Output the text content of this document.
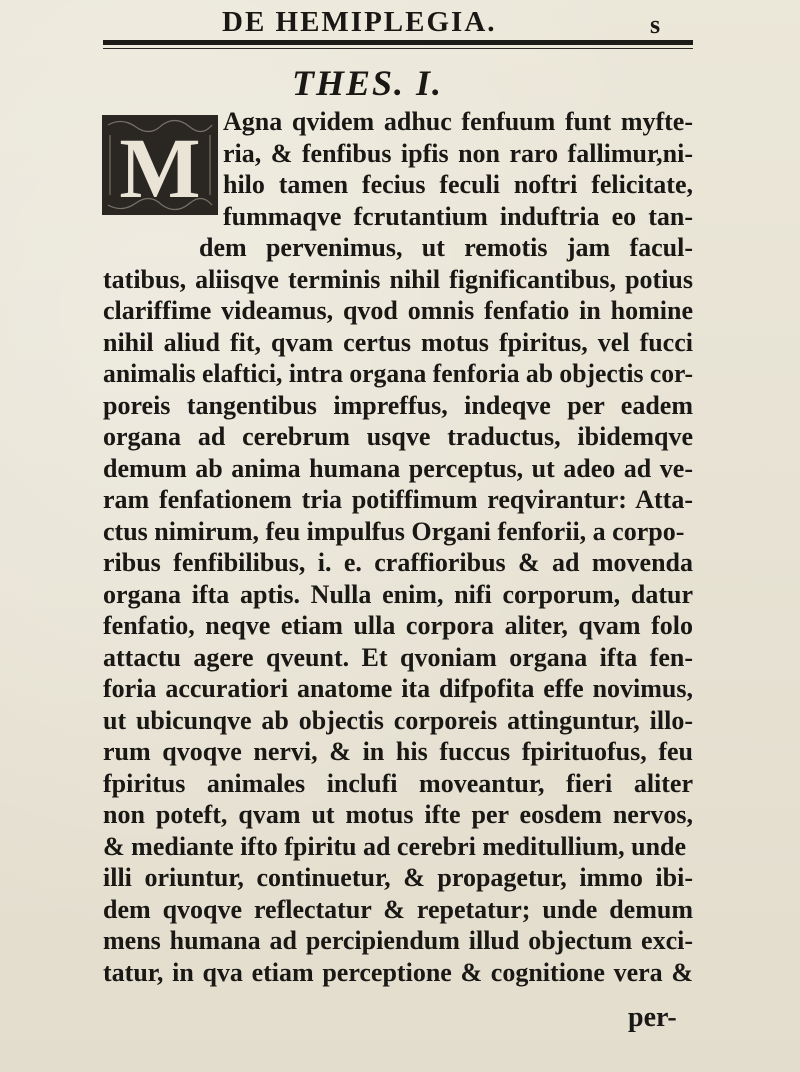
DE HEMIPLEGIA.	s
THES. I.
M Agna qvidem adhuc fenfuum funt myfte-
ria, & fenfibus ipfis non raro fallimur,ni-
hilo tamen fecius feculi noftri felicitate,
fummaqve fcrutantium induftria eo tan-
dem pervenimus, ut remotis jam facul-
tatibus, aliisqve terminis nihil fignificantibus, potius
clariffime videamus, qvod omnis fenfatio in homine
nihil aliud fit, qvam certus motus fpiritus, vel fucci
animalis elaftici, intra organa fenforia ab objectis cor-
poreis tangentibus impreffus, indeqve per eadem
organa ad cerebrum usqve traductus, ibidemqve
demum ab anima humana perceptus, ut adeo ad ve-
ram fenfationem tria potiffimum reqvirantur: Atta-
ctus nimirum, feu impulfus Organi fenforii, a corpo-
ribus fenfibilibus, i. e. craffioribus & ad movenda
organa ifta aptis. Nulla enim, nifi corporum, datur
fenfatio, neqve etiam ulla corpora aliter, qvam folo
attactu agere qveunt. Et qvoniam organa ifta fen-
foria accuratiori anatome ita difpofita effe novimus,
ut ubicunqve ab objectis corporeis attinguntur, illo-
rum qvoqve nervi, & in his fuccus fpirituofus, feu
fpiritus animales inclufi moveantur, fieri aliter
non poteft, qvam ut motus ifte per eosdem nervos,
& mediante ifto fpiritu ad cerebri meditullium, unde
illi oriuntur, continuetur, & propagetur, immo ibi-
dem qvoqve reflectatur & repetatur; unde demum
mens humana ad percipiendum illud objectum exci-
tatur, in qva etiam perceptione & cognitione vera &
per-
